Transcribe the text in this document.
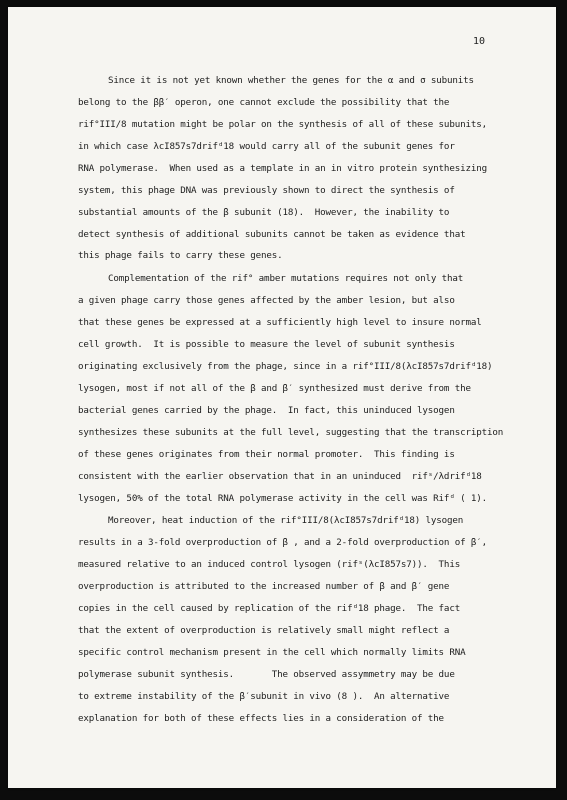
10
Since it is not yet known whether the genes for the α and σ subunits
belong to the ββ′ operon, one cannot exclude the possibility that the
rif°III/8 mutation might be polar on the synthesis of all of these subunits,
in which case λcI857s7drifᵈ18 would carry all of the subunit genes for
RNA polymerase.  When used as a template in an in vitro protein synthesizing
system, this phage DNA was previously shown to direct the synthesis of
substantial amounts of the β subunit (18).  However, the inability to
detect synthesis of additional subunits cannot be taken as evidence that
this phage fails to carry these genes.
Complementation of the rif° amber mutations requires not only that
a given phage carry those genes affected by the amber lesion, but also
that these genes be expressed at a sufficiently high level to insure normal
cell growth.  It is possible to measure the level of subunit synthesis
originating exclusively from the phage, since in a rif°III/8(λcI857s7drifᵈ18)
lysogen, most if not all of the β and β′ synthesized must derive from the
bacterial genes carried by the phage.  In fact, this uninduced lysogen
synthesizes these subunits at the full level, suggesting that the transcription
of these genes originates from their normal promoter.  This finding is
consistent with the earlier observation that in an uninduced  rifˢ/λdrifᵈ18
lysogen, 50% of the total RNA polymerase activity in the cell was Rifᵈ ( 1).
Moreover, heat induction of the rif°III/8(λcI857s7drifᵈ18) lysogen
results in a 3-fold overproduction of β , and a 2-fold overproduction of β′,
measured relative to an induced control lysogen (rifˢ(λcI857s7)).  This
overproduction is attributed to the increased number of β and β′ gene
copies in the cell caused by replication of the rifᵈ18 phage.  The fact
that the extent of overproduction is relatively small might reflect a
specific control mechanism present in the cell which normally limits RNA
polymerase subunit synthesis.       The observed assymmetry may be due
to extreme instability of the β′subunit in vivo (8 ).  An alternative
explanation for both of these effects lies in a consideration of the
